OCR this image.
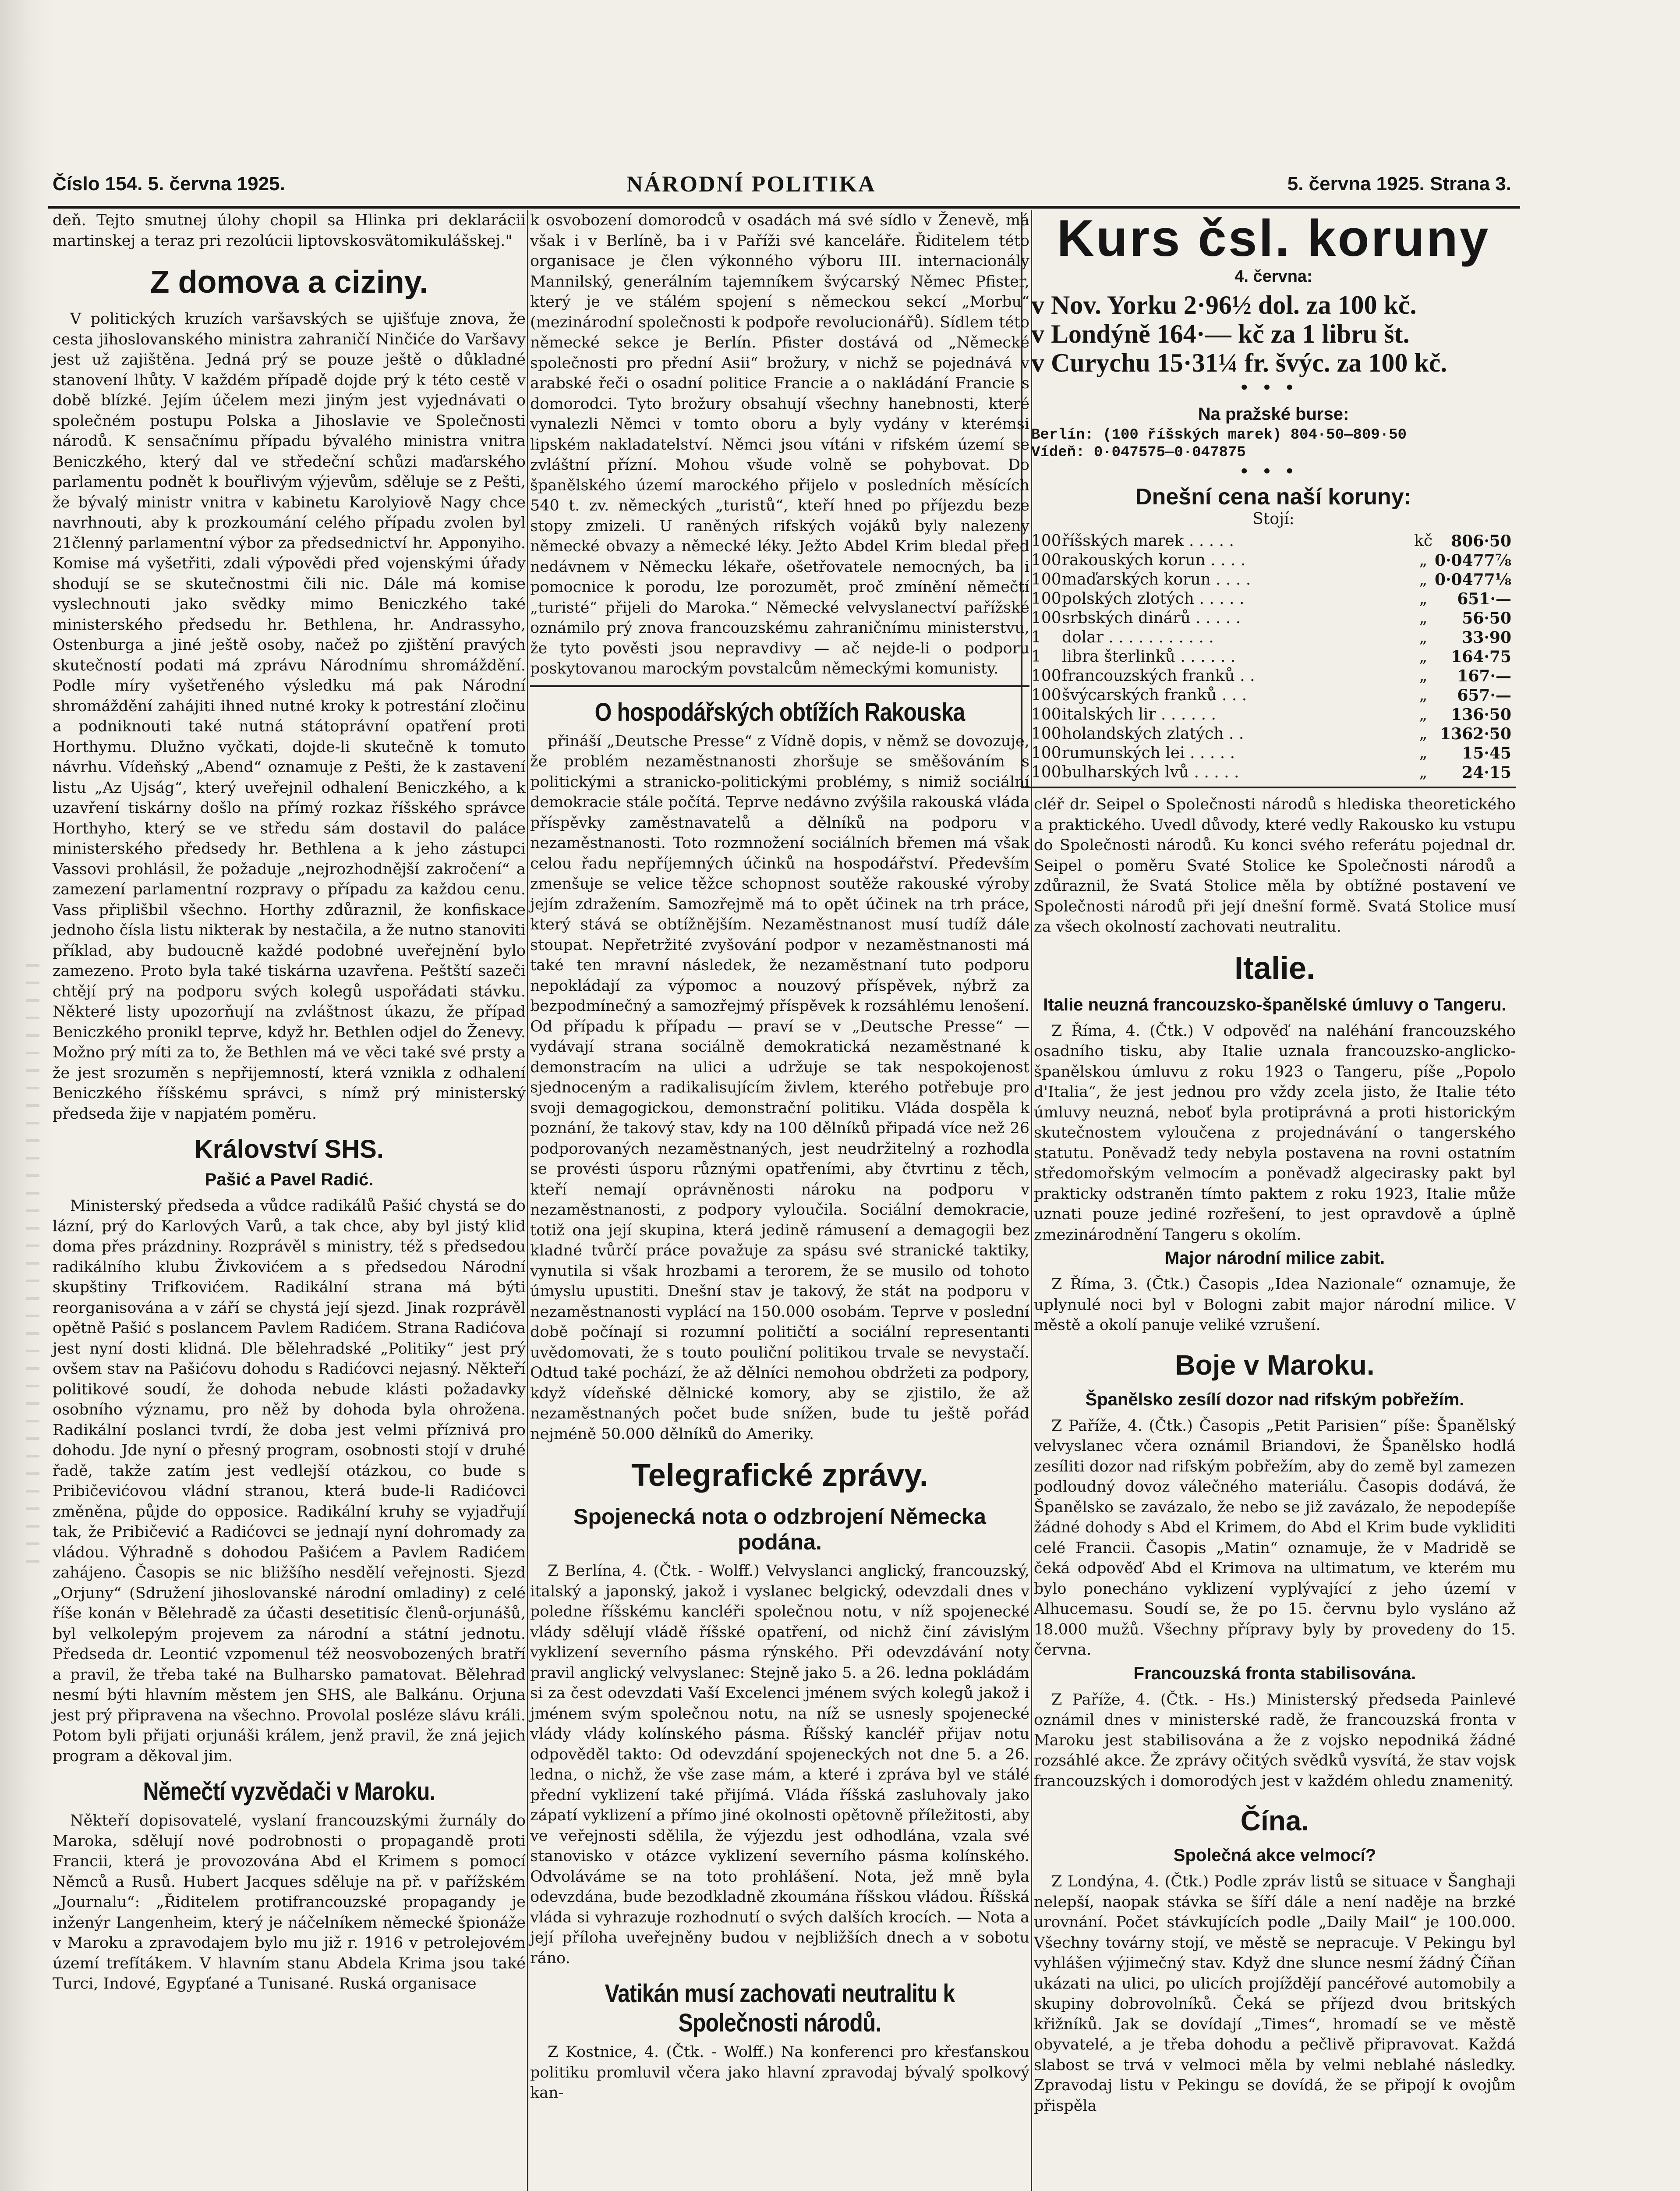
Číslo 154. 5. června 1925.	NÁRODNÍ POLITIKA	5. června 1925. Strana 3.

deň. Tejto smutnej úlohy chopil sa Hlinka pri deklarácii martinskej a teraz pri rezolúcii liptovskosvätomikulášskej."

Z domova a ciziny.

V politických kruzích varšavských se ujišťuje znova, že cesta jihoslovanského ministra zahraničí Ninčiće do Varšavy jest už zajištěna. Jedná prý se pouze ještě o důkladné stanovení lhůty. V každém případě dojde prý k této cestě v době blízké. Jejím účelem mezi jiným jest vyjednávati o společném postupu Polska a Jihoslavie ve Společnosti národů. K sensačnímu případu bývalého ministra vnitra Beniczkého, který dal ve středeční schůzi maďarského parlamentu podnět k bouřlivým výjevům, sděluje se z Pešti, že bývalý ministr vnitra v kabinetu Karolyiově Nagy chce navrhnouti, aby k prozkoumání celého případu zvolen byl 21členný parlamentní výbor za předsednictví hr. Apponyiho. Komise má vyšetřiti, zdali výpovědi před vojenskými úřady shodují se se skutečnostmi čili nic. Dále má komise vyslechnouti jako svědky mimo Beniczkého také ministerského předsedu hr. Bethlena, hr. Andrassyho, Ostenburga a jiné ještě osoby, načež po zjištění pravých skutečností podati má zprávu Národnímu shromáždění. Podle míry vyšetřeného výsledku má pak Národní shromáždění zahájiti ihned nutné kroky k potrestání zločinu a podniknouti také nutná státoprávní opatření proti Horthymu. Dlužno vyčkati, dojde-li skutečně k tomuto návrhu. Vídeňský „Abend“ oznamuje z Pešti, že k zastavení listu „Az Ujság“, který uveřejnil odhalení Beniczkého, a k uzavření tiskárny došlo na přímý rozkaz říšského správce Horthyho, který se ve středu sám dostavil do paláce ministerského předsedy hr. Bethlena a k jeho zástupci Vassovi prohlásil, že požaduje „nejrozhodnější zakročení“ a zamezení parlamentní rozpravy o případu za každou cenu. Vass připlišbil všechno. Horthy zdůraznil, že konfiskace jednoho čísla listu nikterak by nestačila, a že nutno stanoviti příklad, aby budoucně každé podobné uveřejnění bylo zamezeno. Proto byla také tiskárna uzavřena. Peštští sazeči chtějí prý na podporu svých kolegů uspořádati stávku. Některé listy upozorňují na zvláštnost úkazu, že případ Beniczkého pronikl teprve, když hr. Bethlen odjel do Ženevy. Možno prý míti za to, že Bethlen má ve věci také své prsty a že jest srozuměn s nepřijemností, která vznikla z odhalení Beniczkého říšskému správci, s nímž prý ministerský předseda žije v napjatém poměru.

Království SHS.
Pašić a Pavel Radić.

Ministerský předseda a vůdce radikálů Pašić chystá se do lázní, prý do Karlových Varů, a tak chce, aby byl jistý klid doma přes prázdniny. Rozprávěl s ministry, též s předsedou radikálního klubu Živkovićem a s předsedou Národní skupštiny Trifkovićem. Radikální strana má býti reorganisována a v září se chystá její sjezd. Jinak rozprávěl opětně Pašić s poslancem Pavlem Radićem. Strana Radićova jest nyní dosti klidná. Dle bělehradské „Politiky“ jest prý ovšem stav na Pašićovu dohodu s Radićovci nejasný. Někteří politikové soudí, že dohoda nebude klásti požadavky osobního významu, pro něž by dohoda byla ohrožena. Radikální poslanci tvrdí, že doba jest velmi příznivá pro dohodu. Jde nyní o přesný program, osobnosti stojí v druhé řadě, takže zatím jest vedlejší otázkou, co bude s Pribičevićovou vládní stranou, která bude-li Radićovci změněna, půjde do opposice. Radikální kruhy se vyjadřují tak, že Pribičević a Radićovci se jednají nyní dohromady za vládou. Výhradně s dohodou Pašićem a Pavlem Radićem zahájeno. Časopis se nic bližšího nesdělí veřejnosti. Sjezd „Orjuny“ (Sdružení jihoslovanské národní omladiny) z celé říše konán v Bělehradě za účasti desetitisíc členů-orjunášů, byl velkolepým projevem za národní a státní jednotu. Předseda dr. Leontić vzpomenul též neosvobozených bratří a pravil, že třeba také na Bulharsko pamatovat. Bělehrad nesmí býti hlavním městem jen SHS, ale Balkánu. Orjuna jest prý připravena na všechno. Provolal posléze slávu králi. Potom byli přijati orjunáši králem, jenž pravil, že zná jejich program a děkoval jim.

Němečtí vyzvědači v Maroku.

Někteří dopisovatelé, vyslaní francouzskými žurnály do Maroka, sdělují nové podrobnosti o propagandě proti Francii, která je provozována Abd el Krimem s pomocí Němců a Rusů. Hubert Jacques sděluje na př. v pařížském „Journalu“: „Řiditelem protifrancouzské propagandy je inženýr Langenheim, který je náčelníkem německé špionáže v Maroku a zpravodajem bylo mu již r. 1916 v petrolejovém území trefítákem. V hlavním stanu Abdela Krima jsou také Turci, Indové, Egypťané a Tunisané. Ruská organisace

k osvobození domorodců v osadách má své sídlo v Ženevě, má však i v Berlíně, ba i v Paříži své kanceláře. Řiditelem této organisace je člen výkonného výboru III. internacionály Mannilský, generálním tajemníkem švýcarský Němec Pfister, který je ve stálém spojení s německou sekcí „Morbu“ (mezinárodní společnosti k podpoře revolucionářů). Sídlem této německé sekce je Berlín. Pfister dostává od „Německé společnosti pro přední Asii“ brožury, v nichž se pojednává v arabské řeči o osadní politice Francie a o nakládání Francie s domorodci. Tyto brožury obsahují všechny hanebnosti, které vynalezli Němci v tomto oboru a byly vydány v kterémsi lipském nakladatelství. Němci jsou vítáni v rifském území se zvláštní přízní. Mohou všude volně se pohybovat. Do španělského území marockého přijelo v posledních měsících 540 t. zv. německých „turistů“, kteří hned po příjezdu beze stopy zmizeli. U raněných rifských vojáků byly nalezeny německé obvazy a německé léky. Ježto Abdel Krim bledal před nedávnem v Německu lékaře, ošetřovatele nemocných, ba i pomocnice k porodu, lze porozumět, proč zmínění němečtí „turisté“ přijeli do Maroka.“ Německé velvyslanectví pařížské oznámilo prý znova francouzskému zahraničnímu ministerstvu, že tyto pověsti jsou nepravdivy — ač nejde-li o podporu poskytovanou marockým povstalcům německými komunisty.

O hospodářských obtížích Rakouska

přináší „Deutsche Presse“ z Vídně dopis, v němž se dovozuje, že problém nezaměstnanosti zhoršuje se směšováním s politickými a stranicko-politickými problémy, s nimiž sociální demokracie stále počítá. Teprve nedávno zvýšila rakouská vláda příspěvky zaměstnavatelů a dělníků na podporu v nezaměstnanosti. Toto rozmnožení sociálních břemen má však celou řadu nepříjemných účinků na hospodářství. Především zmenšuje se velice těžce schopnost soutěže rakouské výroby jejím zdražením. Samozřejmě má to opět účinek na trh práce, který stává se obtížnějším. Nezaměstnanost musí tudíž dále stoupat. Nepřetržité zvyšování podpor v nezaměstnanosti má také ten mravní následek, že nezaměstnaní tuto podporu nepokládají za výpomoc a nouzový příspěvek, nýbrž za bezpodmínečný a samozřejmý příspěvek k rozsáhlému lenošení. Od případu k případu — praví se v „Deutsche Presse“ — vydávají strana sociálně demokratická nezaměstnané k demonstracím na ulici a udržuje se tak nespokojenost sjednoceným a radikalisujícím živlem, kterého potřebuje pro svoji demagogickou, demonstrační politiku. Vláda dospěla k poznání, že takový stav, kdy na 100 dělníků připadá více než 26 podporovaných nezaměstnaných, jest neudržitelný a rozhodla se provésti úsporu různými opatřeními, aby čtvrtinu z těch, kteří nemají oprávněnosti nároku na podporu v nezaměstnanosti, z podpory vyloučila. Sociální demokracie, totiž ona její skupina, která jedině rámusení a demagogii bez kladné tvůrčí práce považuje za spásu své stranické taktiky, vynutila si však hrozbami a terorem, že se musilo od tohoto úmyslu upustiti. Dnešní stav je takový, že stát na podporu v nezaměstnanosti vyplácí na 150.000 osobám. Teprve v poslední době počínají si rozumní političtí a sociální representanti uvědomovati, že s touto pouliční politikou trvale se nevystačí. Odtud také pochází, že až dělníci nemohou obdržeti za podpory, když vídeňské dělnické komory, aby se zjistilo, že až nezaměstnaných počet bude snížen, bude tu ještě pořád nejméně 50.000 dělníků do Ameriky.

Telegrafické zprávy.
Spojenecká nota o odzbrojení Německa podána.

Z Berlína, 4. (Čtk. - Wolff.) Velvyslanci anglický, francouzský, italský a japonský, jakož i vyslanec belgický, odevzdali dnes v poledne říšskému kancléři společnou notu, v níž spojenecké vlády sdělují vládě říšské opatření, od nichž činí závislým vyklizení severního pásma rýnského. Při odevzdávání noty pravil anglický velvyslanec: Stejně jako 5. a 26. ledna pokládám si za čest odevzdati Vaší Excelenci jménem svých kolegů jakož i jménem svým společnou notu, na níž se usnesly spojenecké vlády vlády kolínského pásma. Říšský kancléř přijav notu odpověděl takto: Od odevzdání spojeneckých not dne 5. a 26. ledna, o nichž, že vše zase mám, a které i zpráva byl ve stálé přední vyklizení také přijímá. Vláda říšská zasluhovaly jako zápatí vyklizení a přímo jiné okolnosti opětovně příležitosti, aby ve veřejnosti sdělila, že výjezdu jest odhodlána, vzala své stanovisko v otázce vyklizení severního pásma kolínského. Odvoláváme se na toto prohlášení. Nota, jež mně byla odevzdána, bude bezodkladně zkoumána říšskou vládou. Říšská vláda si vyhrazuje rozhodnutí o svých dalších krocích. — Nota a její příloha uveřejněny budou v nejbližších dnech a v sobotu ráno.

Vatikán musí zachovati neutralitu k Společnosti národů.

Z Kostnice, 4. (Čtk. - Wolff.) Na konferenci pro křesťanskou politiku promluvil včera jako hlavní zpravodaj bývalý spolkový kan-

Kurs čsl. koruny
4. června:
v Nov. Yorku 2·96½ dol. za 100 kč.
v Londýně 164·— kč za 1 libru št.
v Curychu 15·31¼ fr. švýc. za 100 kč.
•••
Na pražské burse:
Berlín: (100 říšských marek) 804·50—809·50
Vídeň: 0·047575—0·047875
•••
Dnešní cena naší koruny:
Stojí:
100	říšských marek . . . . .	kč	806·50
100	rakouských korun . . . .	„	0·0477⅞
100	maďarských korun . . . .	„	0·0477⅛
100	polských zlotých . . . . .	„	651·—
100	srbských dinárů . . . . .	„	56·50
1	dolar . . . . . . . . . . .	„	33·90
1	libra šterlinků . . . . . .	„	164·75
100	francouzských franků . .	„	167·—
100	švýcarských franků . . .	„	657·—
100	italských lir . . . . . .	„	136·50
100	holandských zlatých . .	„	1362·50
100	rumunských lei . . . . .	„	15·45
100	bulharských lvů . . . . .	„	24·15

cléř dr. Seipel o Společnosti národů s hlediska theoretického a praktického. Uvedl důvody, které vedly Rakousko ku vstupu do Společnosti národů. Ku konci svého referátu pojednal dr. Seipel o poměru Svaté Stolice ke Společnosti národů a zdůraznil, že Svatá Stolice měla by obtížné postavení ve Společnosti národů při její dnešní formě. Svatá Stolice musí za všech okolností zachovati neutralitu.

Italie.
Italie neuzná francouzsko-španělské úmluvy o Tangeru.

Z Říma, 4. (Čtk.) V odpověď na naléhání francouzského osadního tisku, aby Italie uznala francouzsko-anglicko-španělskou úmluvu z roku 1923 o Tangeru, píše „Popolo d'Italia“, že jest jednou pro vždy zcela jisto, že Italie této úmluvy neuzná, neboť byla protiprávná a proti historickým skutečnostem vyloučena z projednávání o tangerského statutu. Poněvadž tedy nebyla postavena na rovni ostatním středomořským velmocím a poněvadž algecirasky pakt byl prakticky odstraněn tímto paktem z roku 1923, Italie může uznati pouze jediné rozřešení, to jest opravdově a úplně zmezinárodnění Tangeru s okolím.

Major národní milice zabit.

Z Říma, 3. (Čtk.) Časopis „Idea Nazionale“ oznamuje, že uplynulé noci byl v Bologni zabit major národní milice. V městě a okolí panuje veliké vzrušení.

Boje v Maroku.
Španělsko zesílí dozor nad rifským pobřežím.

Z Paříže, 4. (Čtk.) Časopis „Petit Parisien“ píše: Španělský velvyslanec včera oznámil Briandovi, že Španělsko hodlá zesíliti dozor nad rifským pobřežím, aby do země byl zamezen podloudný dovoz válečného materiálu. Časopis dodává, že Španělsko se zavázalo, že nebo se již zavázalo, že nepodepíše žádné dohody s Abd el Krimem, do Abd el Krim bude vykliditi celé Francii. Časopis „Matin“ oznamuje, že v Madridě se čeká odpověď Abd el Krimova na ultimatum, ve kterém mu bylo ponecháno vyklizení vyplývající z jeho území v Alhucemasu. Soudí se, že po 15. červnu bylo vysláno až 18.000 mužů. Všechny přípravy byly by provedeny do 15. června.

Francouzská fronta stabilisována.

Z Paříže, 4. (Čtk. - Hs.) Ministerský předseda Painlevé oznámil dnes v ministerské radě, že francouzská fronta v Maroku jest stabilisována a že z vojsko nepodniká žádné rozsáhlé akce. Že zprávy očitých svědků vysvítá, že stav vojsk francouzských i domorodých jest v každém ohledu znamenitý.

Čína.
Společná akce velmocí?

Z Londýna, 4. (Čtk.) Podle zpráv listů se situace v Šanghaji nelepší, naopak stávka se šíří dále a není naděje na brzké urovnání. Počet stávkujících podle „Daily Mail“ je 100.000. Všechny továrny stojí, ve městě se nepracuje. V Pekingu byl vyhlášen výjimečný stav. Když dne slunce nesmí žádný Číňan ukázati na ulici, po ulicích projíždějí pancéřové automobily a skupiny dobrovolníků. Čeká se příjezd dvou britských křižníků. Jak se dovídají „Times“, hromadí se ve městě obyvatelé, a je třeba dohodu a pečlivě připravovat. Každá slabost se trvá v velmoci měla by velmi neblahé následky. Zpravodaj listu v Pekingu se dovídá, že se připojí k ovojům přispěla
